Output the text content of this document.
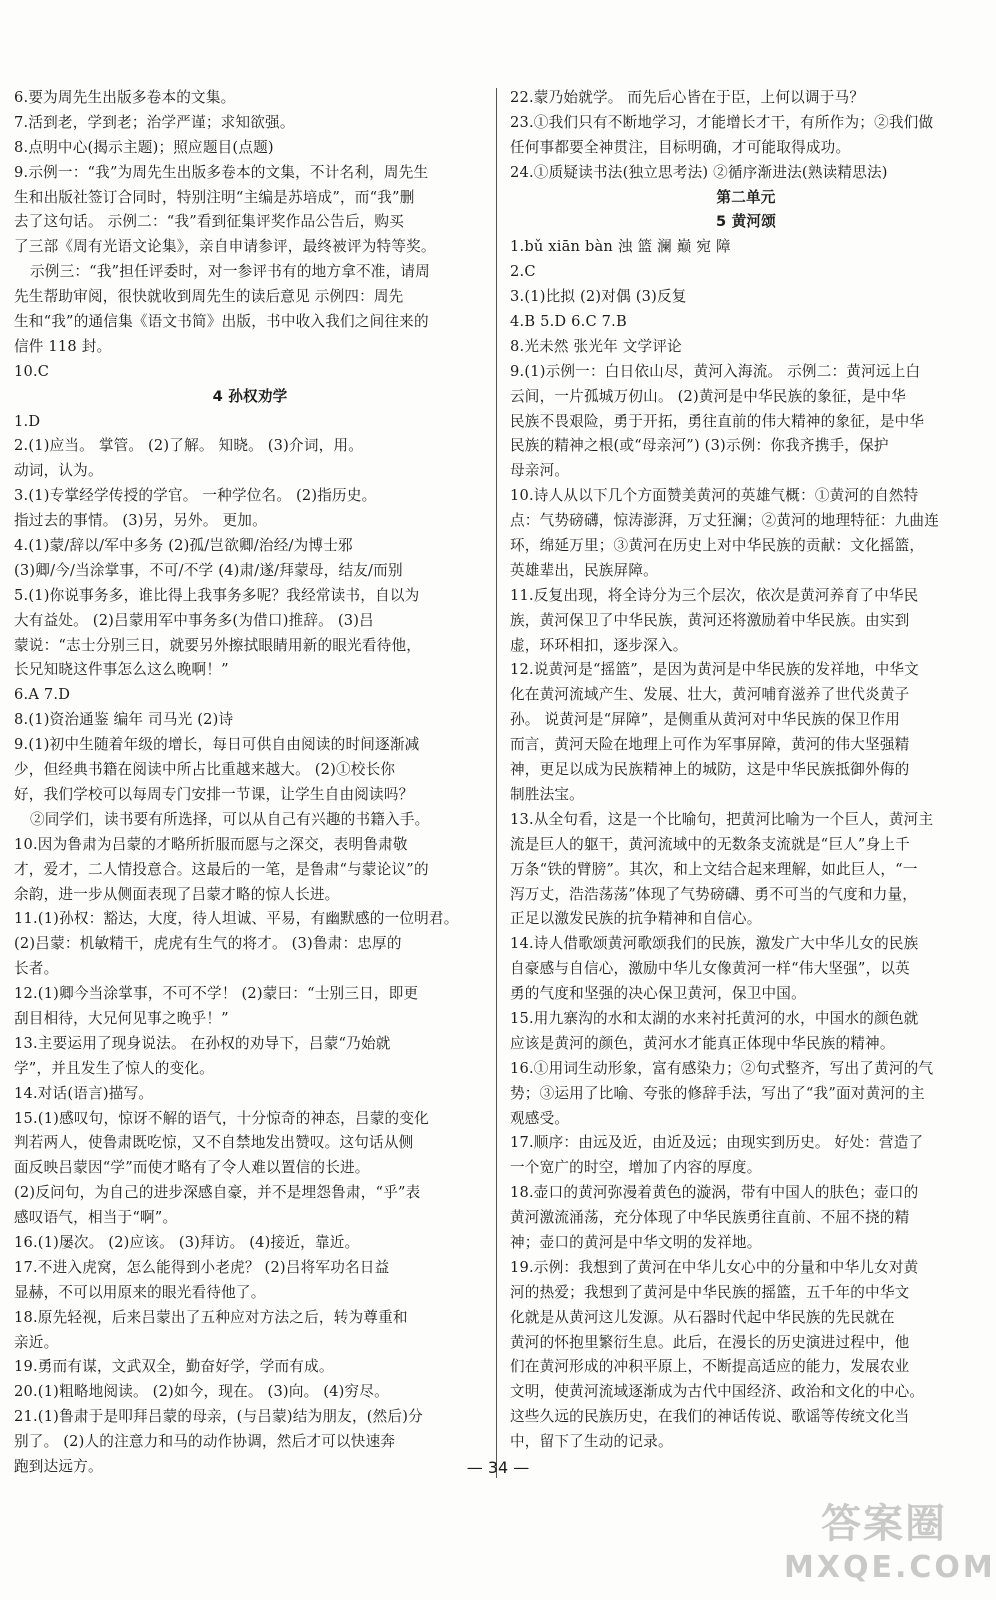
6.要为周先生出版多卷本的文集。
7.活到老，学到老；治学严谨；求知欲强。
8.点明中心(揭示主题)；照应题目(点题)
9.示例一：“我”为周先生出版多卷本的文集，不计名利，周先生
生和出版社签订合同时，特别注明“主编是苏培成”，而“我”删
去了这句话。 示例二：“我”看到征集评奖作品公告后，购买
了三部《周有光语文论集》，亲自申请参评，最终被评为特等奖。
示例三：“我”担任评委时，对一参评书有的地方拿不准，请周
先生帮助审阅，很快就收到周先生的读后意见 示例四：周先
生和“我”的通信集《语文书简》出版，书中收入我们之间往来的
信件 118 封。
10.C
4 孙权劝学
1.D
2.(1)应当。 掌管。 (2)了解。 知晓。 (3)介词，用。
动词，认为。
3.(1)专掌经学传授的学官。 一种学位名。 (2)指历史。
指过去的事情。 (3)另，另外。 更加。
4.(1)蒙/辞以/军中多务 (2)孤/岂欲卿/治经/为博士邪
(3)卿/今/当涂掌事，不可/不学 (4)肃/遂/拜蒙母，结友/而别
5.(1)你说事务多，谁比得上我事务多呢？我经常读书，自以为
大有益处。 (2)吕蒙用军中事务多(为借口)推辞。 (3)吕
蒙说：“志士分别三日，就要另外擦拭眼睛用新的眼光看待他，
长兄知晓这件事怎么这么晚啊！”
6.A 7.D
8.(1)资治通鉴 编年 司马光 (2)诗
9.(1)初中生随着年级的增长，每日可供自由阅读的时间逐渐减
少，但经典书籍在阅读中所占比重越来越大。 (2)①校长你
好，我们学校可以每周专门安排一节课，让学生自由阅读吗？
②同学们，读书要有所选择，可以从自己有兴趣的书籍入手。
10.因为鲁肃为吕蒙的才略所折服而愿与之深交，表明鲁肃敬
才，爱才，二人情投意合。这最后的一笔，是鲁肃“与蒙论议”的
余韵，进一步从侧面表现了吕蒙才略的惊人长进。
11.(1)孙权：豁达，大度，待人坦诚、平易，有幽默感的一位明君。
(2)吕蒙：机敏精干，虎虎有生气的将才。 (3)鲁肃：忠厚的
长者。
12.(1)卿今当涂掌事，不可不学！ (2)蒙曰：“士别三日，即更
刮目相待，大兄何见事之晚乎！”
13.主要运用了现身说法。 在孙权的劝导下，吕蒙“乃始就
学”，并且发生了惊人的变化。
14.对话(语言)描写。
15.(1)感叹句，惊讶不解的语气，十分惊奇的神态，吕蒙的变化
判若两人，使鲁肃既吃惊，又不自禁地发出赞叹。这句话从侧
面反映吕蒙因“学”而使才略有了令人难以置信的长进。
(2)反问句，为自己的进步深感自豪，并不是埋怨鲁肃，“乎”表
感叹语气，相当于“啊”。
16.(1)屡次。 (2)应该。 (3)拜访。 (4)接近，靠近。
17.不进入虎窝，怎么能得到小老虎？ (2)吕将军功名日益
显赫，不可以用原来的眼光看待他了。
18.原先轻视，后来吕蒙出了五种应对方法之后，转为尊重和
亲近。
19.勇而有谋，文武双全，勤奋好学，学而有成。
20.(1)粗略地阅读。 (2)如今，现在。 (3)向。 (4)穷尽。
21.(1)鲁肃于是叩拜吕蒙的母亲，(与吕蒙)结为朋友，(然后)分
别了。 (2)人的注意力和马的动作协调，然后才可以快速奔
跑到达远方。
22.蒙乃始就学。 而先后心皆在于臣，上何以调于马？
23.①我们只有不断地学习，才能增长才干，有所作为；②我们做
任何事都要全神贯注，目标明确，才可能取得成功。
24.①质疑读书法(独立思考法) ②循序渐进法(熟读精思法)
第二单元
5 黄河颂
1.bǔ xiān bàn 浊 篮 澜 巅 宛 障
2.C
3.(1)比拟 (2)对偶 (3)反复
4.B 5.D 6.C 7.B
8.光未然 张光年 文学评论
9.(1)示例一：白日依山尽，黄河入海流。 示例二：黄河远上白
云间，一片孤城万仞山。 (2)黄河是中华民族的象征，是中华
民族不畏艰险，勇于开拓，勇往直前的伟大精神的象征，是中华
民族的精神之根(或“母亲河”) (3)示例：你我齐携手，保护
母亲河。
10.诗人从以下几个方面赞美黄河的英雄气概：①黄河的自然特
点：气势磅礴，惊涛澎湃，万丈狂澜；②黄河的地理特征：九曲连
环，绵延万里；③黄河在历史上对中华民族的贡献：文化摇篮，
英雄辈出，民族屏障。
11.反复出现，将全诗分为三个层次，依次是黄河养育了中华民
族，黄河保卫了中华民族，黄河还将激励着中华民族。由实到
虚，环环相扣，逐步深入。
12.说黄河是“摇篮”，是因为黄河是中华民族的发祥地，中华文
化在黄河流域产生、发展、壮大，黄河哺育滋养了世代炎黄子
孙。 说黄河是“屏障”，是侧重从黄河对中华民族的保卫作用
而言，黄河天险在地理上可作为军事屏障，黄河的伟大坚强精
神，更足以成为民族精神上的城防，这是中华民族抵御外侮的
制胜法宝。
13.从全句看，这是一个比喻句，把黄河比喻为一个巨人，黄河主
流是巨人的躯干，黄河流域中的无数条支流就是“巨人”身上千
万条“铁的臂膀”。其次，和上文结合起来理解，如此巨人，“一
泻万丈，浩浩荡荡”体现了气势磅礴、勇不可当的气度和力量，
正足以激发民族的抗争精神和自信心。
14.诗人借歌颂黄河歌颂我们的民族，激发广大中华儿女的民族
自豪感与自信心，激励中华儿女像黄河一样“伟大坚强”，以英
勇的气度和坚强的决心保卫黄河，保卫中国。
15.用九寨沟的水和太湖的水来衬托黄河的水，中国水的颜色就
应该是黄河的颜色，黄河水才能真正体现中华民族的精神。
16.①用词生动形象，富有感染力；②句式整齐，写出了黄河的气
势；③运用了比喻、夸张的修辞手法，写出了“我”面对黄河的主
观感受。
17.顺序：由远及近，由近及远；由现实到历史。 好处：营造了
一个宽广的时空，增加了内容的厚度。
18.壶口的黄河弥漫着黄色的漩涡，带有中国人的肤色；壶口的
黄河激流涌荡，充分体现了中华民族勇往直前、不屈不挠的精
神；壶口的黄河是中华文明的发祥地。
19.示例：我想到了黄河在中华儿女心中的分量和中华儿女对黄
河的热爱；我想到了黄河是中华民族的摇篮，五千年的中华文
化就是从黄河这儿发源。从石器时代起中华民族的先民就在
黄河的怀抱里繁衍生息。此后，在漫长的历史演进过程中，他
们在黄河形成的冲积平原上，不断提高适应的能力，发展农业
文明，使黄河流域逐渐成为古代中国经济、政治和文化的中心。
这些久远的民族历史，在我们的神话传说、歌谣等传统文化当
中，留下了生动的记录。
— 34 —
答案圈
MXQE.COM
